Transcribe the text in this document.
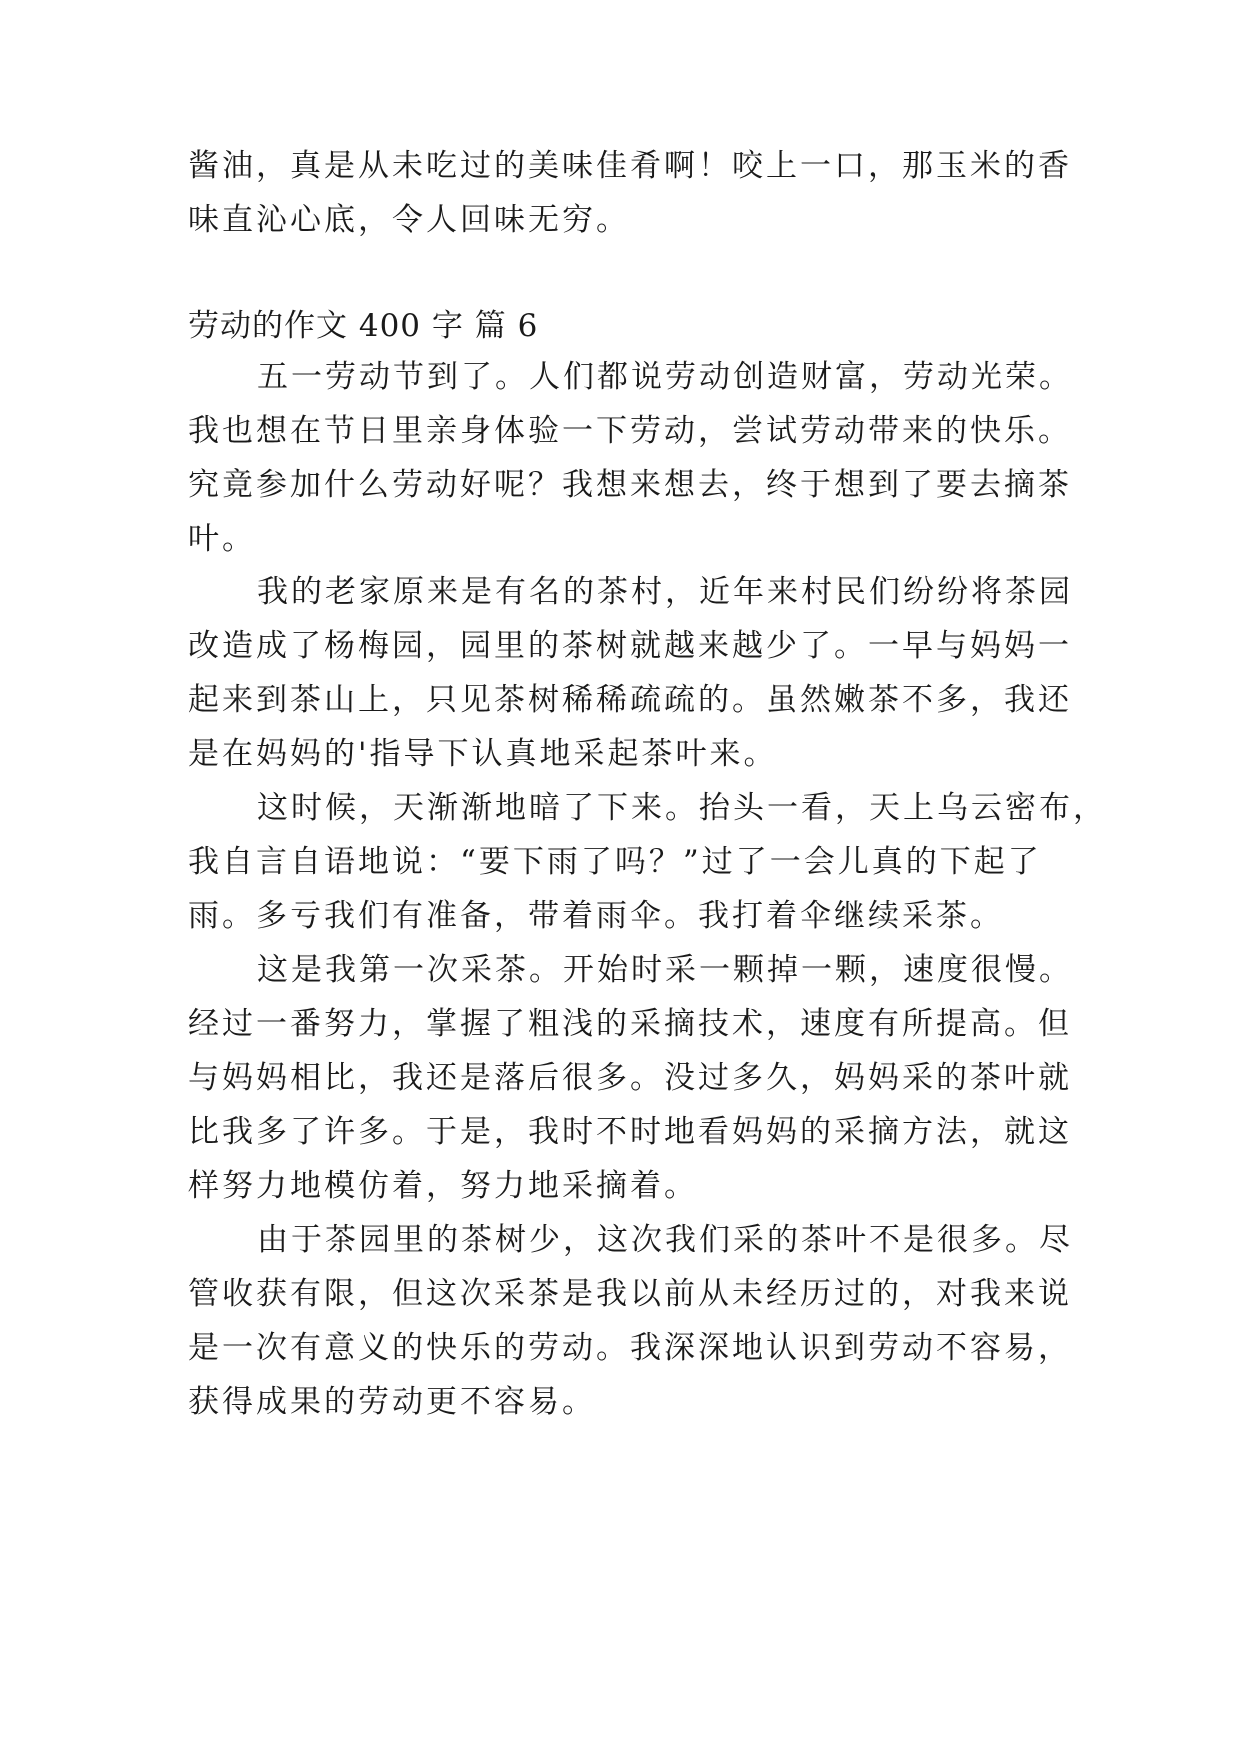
酱油，真是从未吃过的美味佳肴啊！咬上一口，那玉米的香
味直沁心底，令人回味无穷。
劳动的作文 400 字 篇 6
五一劳动节到了。人们都说劳动创造财富，劳动光荣。
我也想在节日里亲身体验一下劳动，尝试劳动带来的快乐。
究竟参加什么劳动好呢？我想来想去，终于想到了要去摘茶
叶。
我的老家原来是有名的茶村，近年来村民们纷纷将茶园
改造成了杨梅园，园里的茶树就越来越少了。一早与妈妈一
起来到茶山上，只见茶树稀稀疏疏的。虽然嫩茶不多，我还
是在妈妈的'指导下认真地采起茶叶来。
这时候，天渐渐地暗了下来。抬头一看，天上乌云密布，
我自言自语地说：“要下雨了吗？”过了一会儿真的下起了
雨。多亏我们有准备，带着雨伞。我打着伞继续采茶。
这是我第一次采茶。开始时采一颗掉一颗，速度很慢。
经过一番努力，掌握了粗浅的采摘技术，速度有所提高。但
与妈妈相比，我还是落后很多。没过多久，妈妈采的茶叶就
比我多了许多。于是，我时不时地看妈妈的采摘方法，就这
样努力地模仿着，努力地采摘着。
由于茶园里的茶树少，这次我们采的茶叶不是很多。尽
管收获有限，但这次采茶是我以前从未经历过的，对我来说
是一次有意义的快乐的劳动。我深深地认识到劳动不容易，
获得成果的劳动更不容易。
